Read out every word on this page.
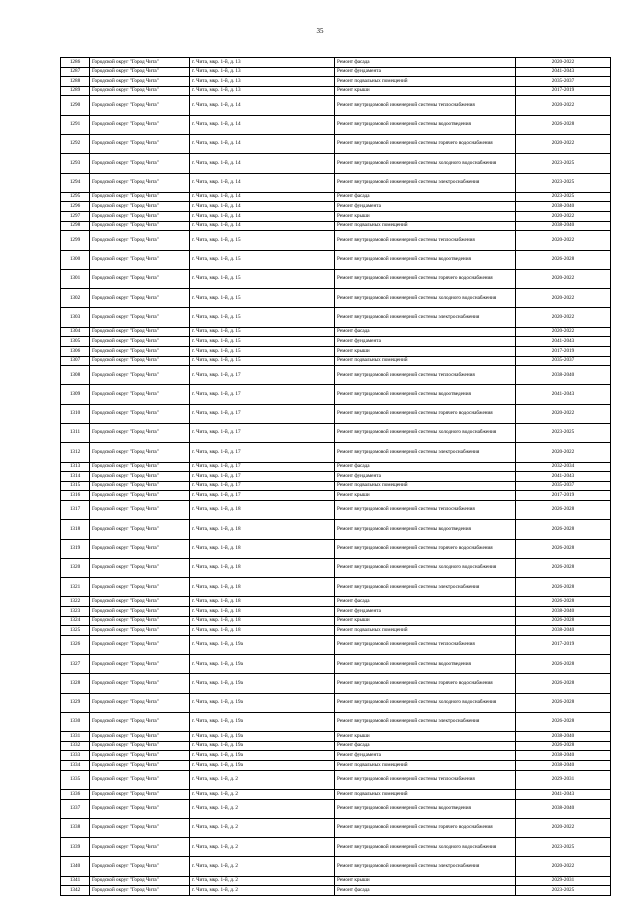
35
1286	Городской округ "Город Чита"	г. Чита, мкр. 1-й, д. 13	Ремонт фасада	2020-2022
1287	Городской округ "Город Чита"	г. Чита, мкр. 1-й, д. 13	Ремонт фундамента	2041-2043
1288	Городской округ "Город Чита"	г. Чита, мкр. 1-й, д. 13	Ремонт подвальных помещений	2035-2037
1289	Городской округ "Город Чита"	г. Чита, мкр. 1-й, д. 13	Ремонт крыши	2017-2019
1290	Городской округ "Город Чита"	г. Чита, мкр. 1-й, д. 14	Ремонт внутридомовой инженерной системы теплоснабжения	2020-2022
1291	Городской округ "Город Чита"	г. Чита, мкр. 1-й, д. 14	Ремонт внутридомовой инженерной системы водоотведения	2026-2028
1292	Городской округ "Город Чита"	г. Чита, мкр. 1-й, д. 14	Ремонт внутридомовой инженерной системы горячего водоснабжения	2020-2022
1293	Городской округ "Город Чита"	г. Чита, мкр. 1-й, д. 14	Ремонт внутридомовой инженерной системы холодного водоснабжения	2023-2025
1294	Городской округ "Город Чита"	г. Чита, мкр. 1-й, д. 14	Ремонт внутридомовой инженерной системы электроснабжения	2023-2025
1295	Городской округ "Город Чита"	г. Чита, мкр. 1-й, д. 14	Ремонт фасада	2023-2025
1296	Городской округ "Город Чита"	г. Чита, мкр. 1-й, д. 14	Ремонт фундамента	2038-2040
1297	Городской округ "Город Чита"	г. Чита, мкр. 1-й, д. 14	Ремонт крыши	2020-2022
1298	Городской округ "Город Чита"	г. Чита, мкр. 1-й, д. 14	Ремонт подвальных помещений	2038-2040
1299	Городской округ "Город Чита"	г. Чита, мкр. 1-й, д. 15	Ремонт внутридомовой инженерной системы теплоснабжения	2020-2022
1300	Городской округ "Город Чита"	г. Чита, мкр. 1-й, д. 15	Ремонт внутридомовой инженерной системы водоотведения	2026-2028
1301	Городской округ "Город Чита"	г. Чита, мкр. 1-й, д. 15	Ремонт внутридомовой инженерной системы горячего водоснабжения	2020-2022
1302	Городской округ "Город Чита"	г. Чита, мкр. 1-й, д. 15	Ремонт внутридомовой инженерной системы холодного водоснабжения	2020-2022
1303	Городской округ "Город Чита"	г. Чита, мкр. 1-й, д. 15	Ремонт внутридомовой инженерной системы электроснабжения	2020-2022
1304	Городской округ "Город Чита"	г. Чита, мкр. 1-й, д. 15	Ремонт фасада	2020-2022
1305	Городской округ "Город Чита"	г. Чита, мкр. 1-й, д. 15	Ремонт фундамента	2041-2043
1306	Городской округ "Город Чита"	г. Чита, мкр. 1-й, д. 15	Ремонт крыши	2017-2019
1307	Городской округ "Город Чита"	г. Чита, мкр. 1-й, д. 15	Ремонт подвальных помещений	2035-2037
1308	Городской округ "Город Чита"	г. Чита, мкр. 1-й, д. 17	Ремонт внутридомовой инженерной системы теплоснабжения	2038-2040
1309	Городской округ "Город Чита"	г. Чита, мкр. 1-й, д. 17	Ремонт внутридомовой инженерной системы водоотведения	2041-2043
1310	Городской округ "Город Чита"	г. Чита, мкр. 1-й, д. 17	Ремонт внутридомовой инженерной системы горячего водоснабжения	2020-2022
1311	Городской округ "Город Чита"	г. Чита, мкр. 1-й, д. 17	Ремонт внутридомовой инженерной системы холодного водоснабжения	2023-2025
1312	Городской округ "Город Чита"	г. Чита, мкр. 1-й, д. 17	Ремонт внутридомовой инженерной системы электроснабжения	2020-2022
1313	Городской округ "Город Чита"	г. Чита, мкр. 1-й, д. 17	Ремонт фасада	2032-2034
1314	Городской округ "Город Чита"	г. Чита, мкр. 1-й, д. 17	Ремонт фундамента	2041-2043
1315	Городской округ "Город Чита"	г. Чита, мкр. 1-й, д. 17	Ремонт подвальных помещений	2035-2037
1316	Городской округ "Город Чита"	г. Чита, мкр. 1-й, д. 17	Ремонт крыши	2017-2019
1317	Городской округ "Город Чита"	г. Чита, мкр. 1-й, д. 18	Ремонт внутридомовой инженерной системы теплоснабжения	2026-2028
1318	Городской округ "Город Чита"	г. Чита, мкр. 1-й, д. 18	Ремонт внутридомовой инженерной системы водоотведения	2026-2028
1319	Городской округ "Город Чита"	г. Чита, мкр. 1-й, д. 18	Ремонт внутридомовой инженерной системы горячего водоснабжения	2026-2028
1320	Городской округ "Город Чита"	г. Чита, мкр. 1-й, д. 18	Ремонт внутридомовой инженерной системы холодного водоснабжения	2026-2028
1321	Городской округ "Город Чита"	г. Чита, мкр. 1-й, д. 18	Ремонт внутридомовой инженерной системы электроснабжения	2026-2028
1322	Городской округ "Город Чита"	г. Чита, мкр. 1-й, д. 18	Ремонт фасада	2026-2028
1323	Городской округ "Город Чита"	г. Чита, мкр. 1-й, д. 18	Ремонт фундамента	2038-2040
1324	Городской округ "Город Чита"	г. Чита, мкр. 1-й, д. 18	Ремонт крыши	2026-2028
1325	Городской округ "Город Чита"	г. Чита, мкр. 1-й, д. 18	Ремонт подвальных помещений	2038-2040
1326	Городской округ "Город Чита"	г. Чита, мкр. 1-й, д. 19а	Ремонт внутридомовой инженерной системы теплоснабжения	2017-2019
1327	Городской округ "Город Чита"	г. Чита, мкр. 1-й, д. 19а	Ремонт внутридомовой инженерной системы водоотведения	2026-2028
1328	Городской округ "Город Чита"	г. Чита, мкр. 1-й, д. 19а	Ремонт внутридомовой инженерной системы горячего водоснабжения	2026-2028
1329	Городской округ "Город Чита"	г. Чита, мкр. 1-й, д. 19а	Ремонт внутридомовой инженерной системы холодного водоснабжения	2026-2028
1330	Городской округ "Город Чита"	г. Чита, мкр. 1-й, д. 19а	Ремонт внутридомовой инженерной системы электроснабжения	2026-2028
1331	Городской округ "Город Чита"	г. Чита, мкр. 1-й, д. 19а	Ремонт крыши	2038-2040
1332	Городской округ "Город Чита"	г. Чита, мкр. 1-й, д. 19а	Ремонт фасада	2026-2028
1333	Городской округ "Город Чита"	г. Чита, мкр. 1-й, д. 19а	Ремонт фундамента	2038-2040
1334	Городской округ "Город Чита"	г. Чита, мкр. 1-й, д. 19а	Ремонт подвальных помещений	2038-2040
1335	Городской округ "Город Чита"	г. Чита, мкр. 1-й, д. 2	Ремонт внутридомовой инженерной системы теплоснабжения	2029-2031
1336	Городской округ "Город Чита"	г. Чита, мкр. 1-й, д. 2	Ремонт подвальных помещений	2041-2043
1337	Городской округ "Город Чита"	г. Чита, мкр. 1-й, д. 2	Ремонт внутридомовой инженерной системы водоотведения	2038-2040
1338	Городской округ "Город Чита"	г. Чита, мкр. 1-й, д. 2	Ремонт внутридомовой инженерной системы горячего водоснабжения	2020-2022
1339	Городской округ "Город Чита"	г. Чита, мкр. 1-й, д. 2	Ремонт внутридомовой инженерной системы холодного водоснабжения	2023-2025
1340	Городской округ "Город Чита"	г. Чита, мкр. 1-й, д. 2	Ремонт внутридомовой инженерной системы электроснабжения	2020-2022
1341	Городской округ "Город Чита"	г. Чита, мкр. 1-й, д. 2	Ремонт крыши	2029-2031
1342	Городской округ "Город Чита"	г. Чита, мкр. 1-й, д. 2	Ремонт фасада	2023-2025
